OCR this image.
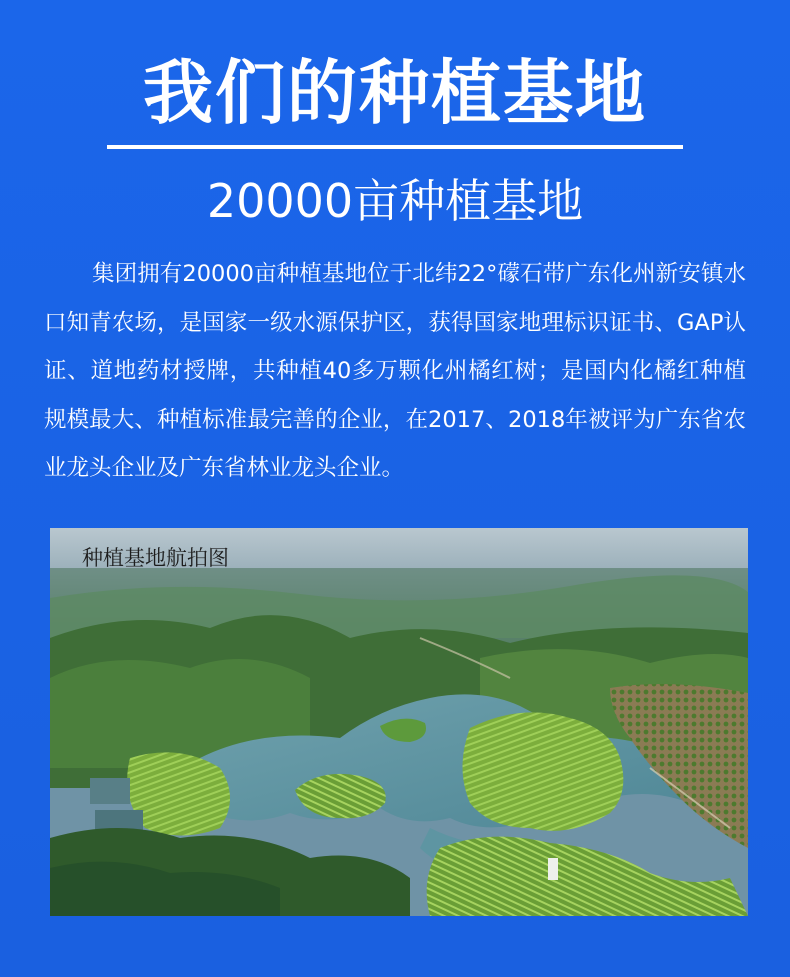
我们的种植基地
20000亩种植基地

集团拥有20000亩种植基地位于北纬22°礞石带广东化州新安镇水口知青农场，是国家一级水源保护区，获得国家地理标识证书、GAP认证、道地药材授牌，共种植40多万颗化州橘红树；是国内化橘红种植规模最大、种植标准最完善的企业，在2017、2018年被评为广东省农业龙头企业及广东省林业龙头企业。

种植基地航拍图
